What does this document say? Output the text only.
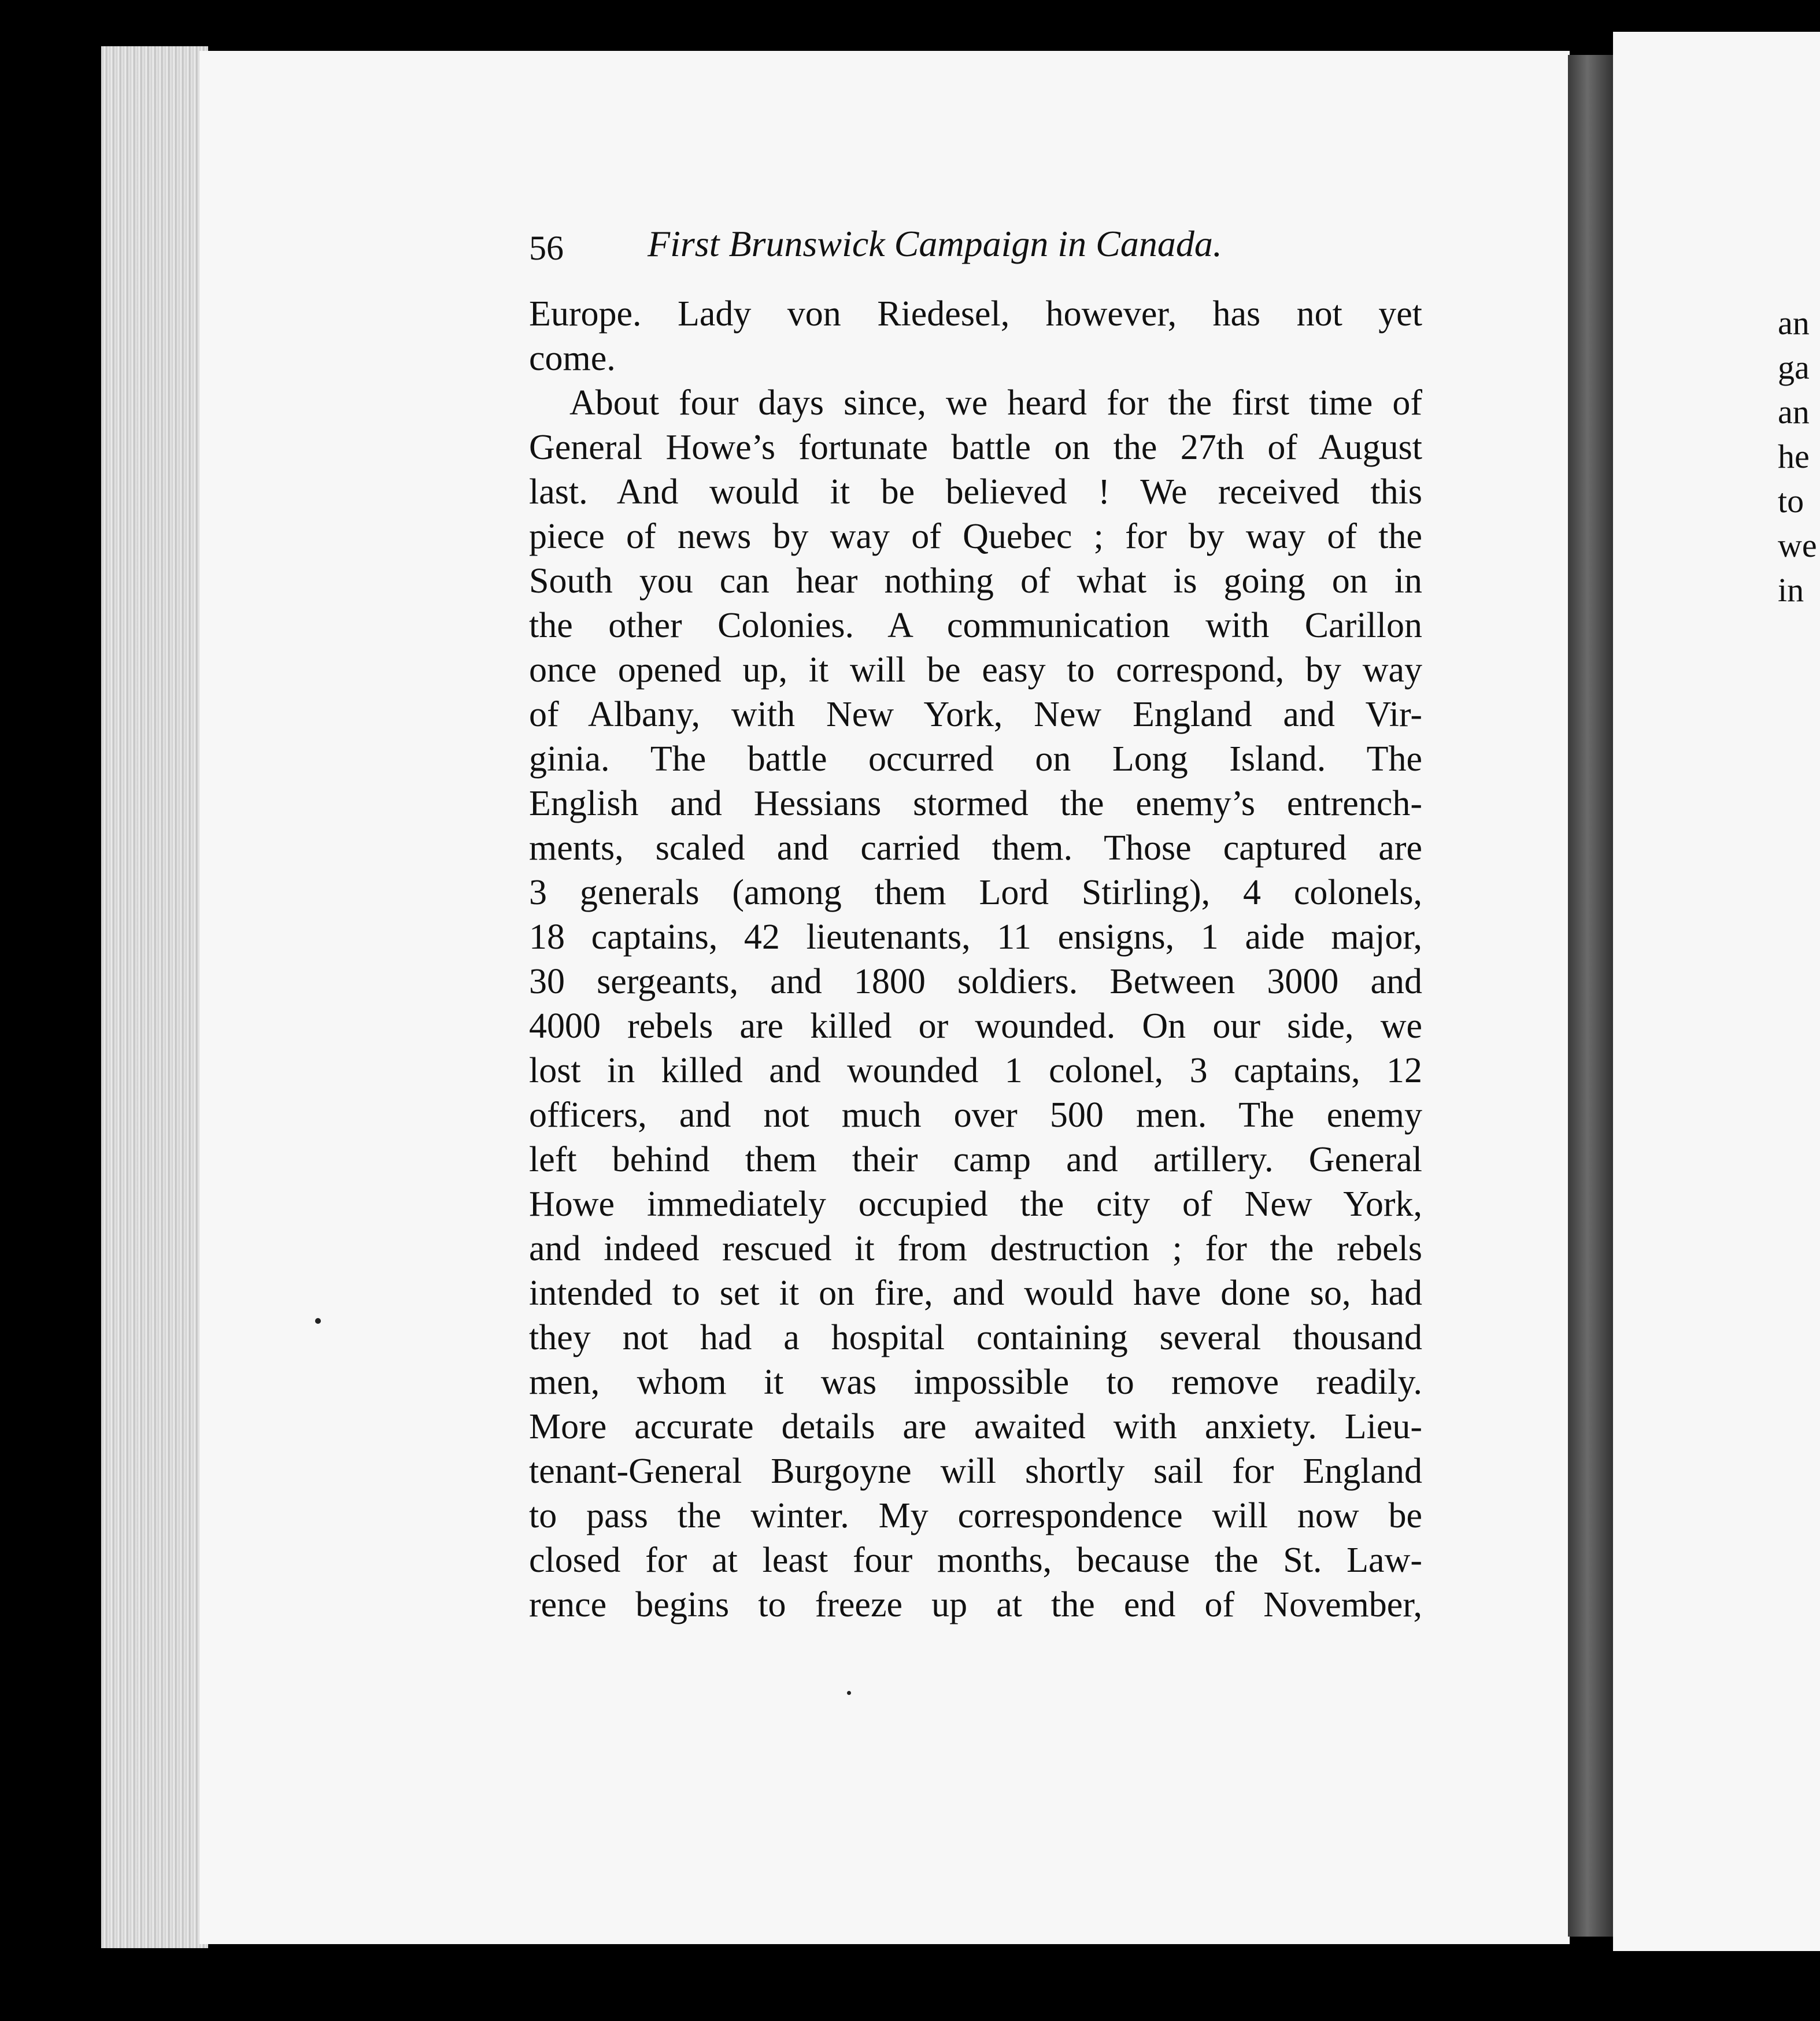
56 First Brunswick Campaign in Canada.
Europe. Lady von Riedesel, however, has not yet
come.
About four days since, we heard for the first time of
General Howe’s fortunate battle on the 27th of August
last. And would it be believed ! We received this
piece of news by way of Quebec ; for by way of the
South you can hear nothing of what is going on in
the other Colonies. A communication with Carillon
once opened up, it will be easy to correspond, by way
of Albany, with New York, New England and Vir-
ginia. The battle occurred on Long Island. The
English and Hessians stormed the enemy’s entrench-
ments, scaled and carried them. Those captured are
3 generals (among them Lord Stirling), 4 colonels,
18 captains, 42 lieutenants, 11 ensigns, 1 aide major,
30 sergeants, and 1800 soldiers. Between 3000 and
4000 rebels are killed or wounded. On our side, we
lost in killed and wounded 1 colonel, 3 captains, 12
officers, and not much over 500 men. The enemy
left behind them their camp and artillery. General
Howe immediately occupied the city of New York,
and indeed rescued it from destruction ; for the rebels
intended to set it on fire, and would have done so, had
they not had a hospital containing several thousand
men, whom it was impossible to remove readily.
More accurate details are awaited with anxiety. Lieu-
tenant-General Burgoyne will shortly sail for England
to pass the winter. My correspondence will now be
closed for at least four months, because the St. Law-
rence begins to freeze up at the end of November,
an
ga
an
he
to
we
in
